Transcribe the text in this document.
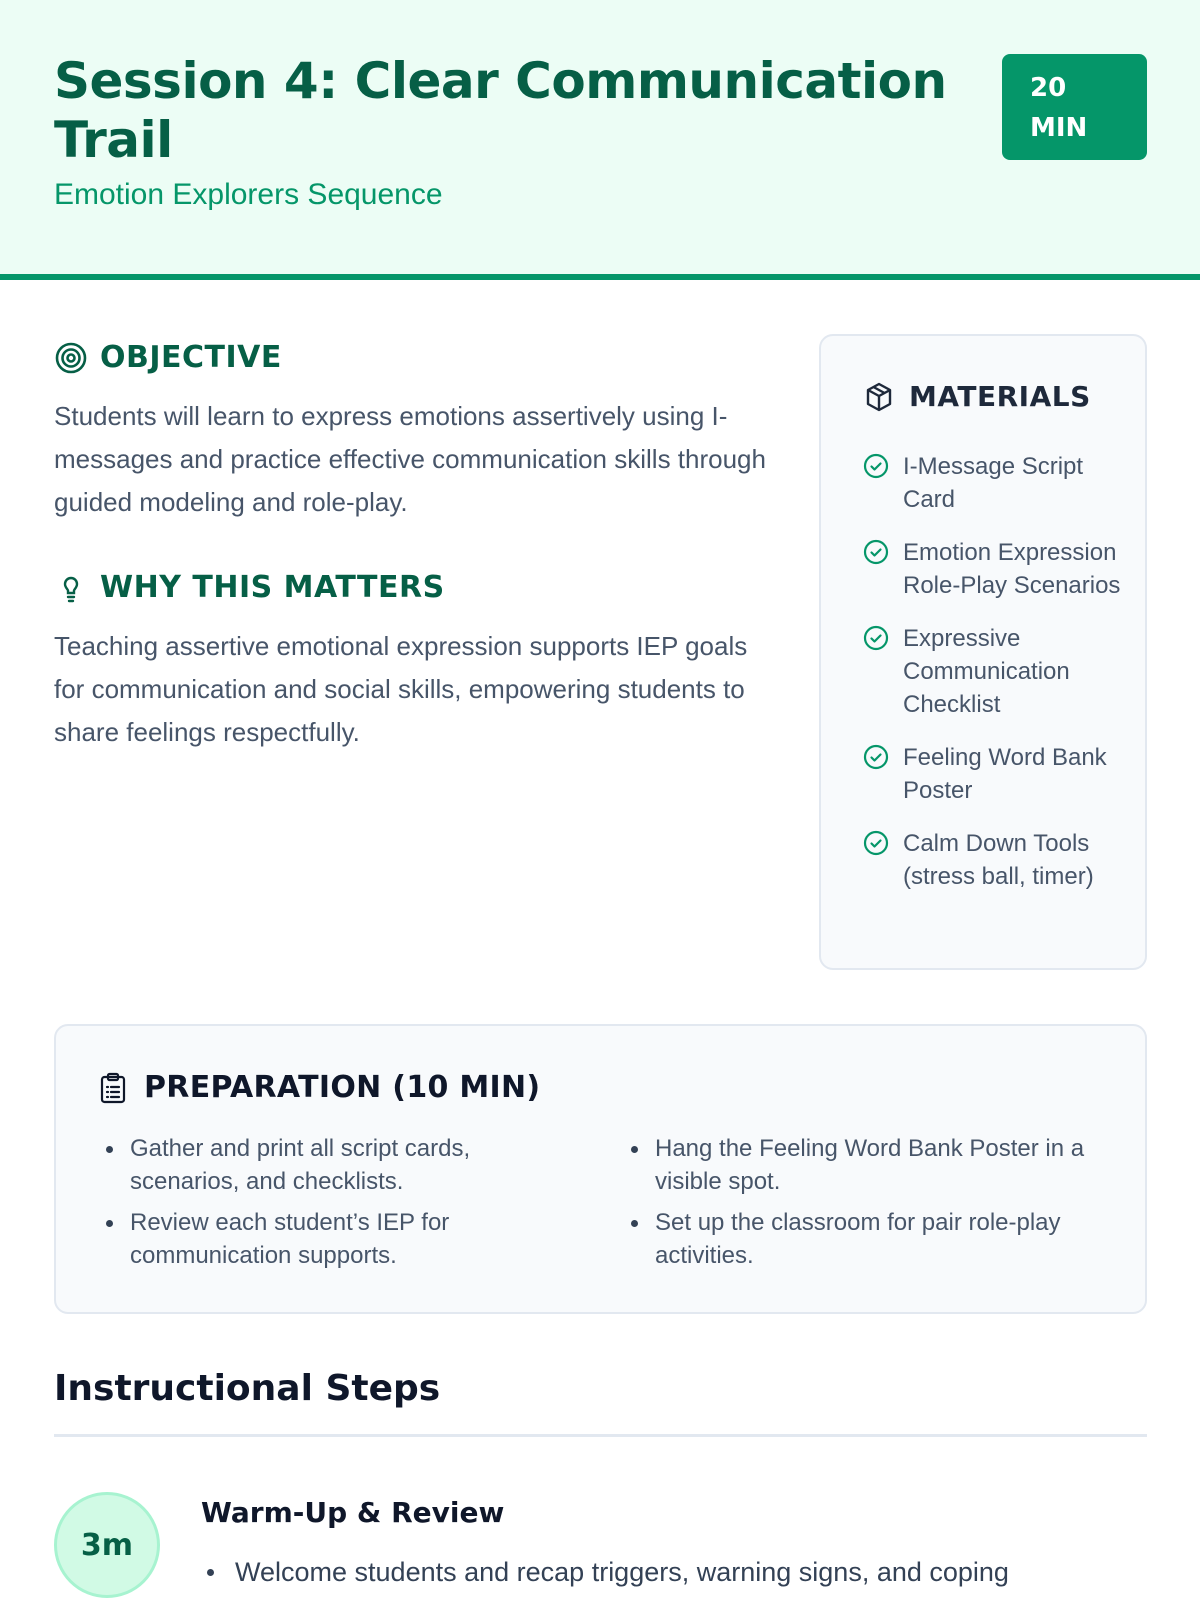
Session 4: Clear Communication Trail
Emotion Explorers Sequence
20
MIN
OBJECTIVE
Students will learn to express emotions assertively using I-messages and practice effective communication skills through guided modeling and role-play.
WHY THIS MATTERS
Teaching assertive emotional expression supports IEP goals for communication and social skills, empowering students to share feelings respectfully.
MATERIALS
I-Message Script Card
Emotion Expression Role-Play Scenarios
Expressive Communication Checklist
Feeling Word Bank Poster
Calm Down Tools (stress ball, timer)
PREPARATION (10 MIN)
Gather and print all script cards, scenarios, and checklists.
Review each student’s IEP for communication supports.
Hang the Feeling Word Bank Poster in a visible spot.
Set up the classroom for pair role-play activities.
Instructional Steps
3m
Warm-Up & Review
Welcome students and recap triggers, warning signs, and coping
